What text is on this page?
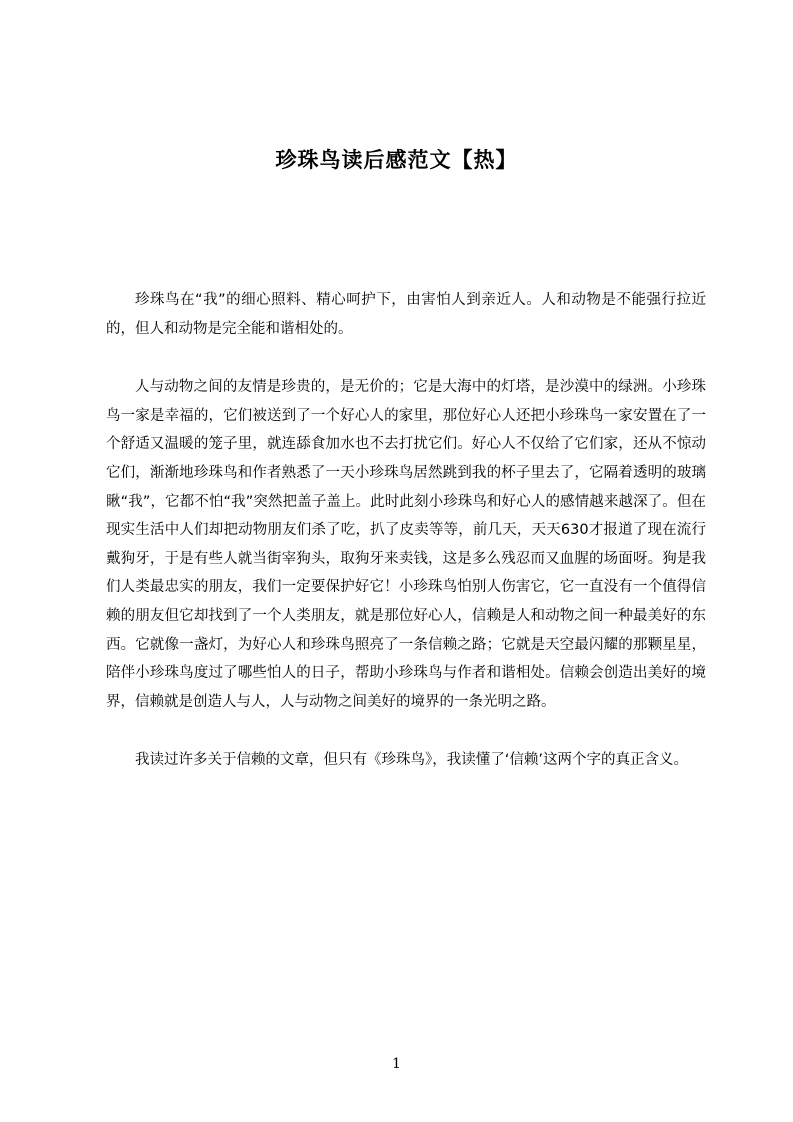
珍珠鸟读后感范文【热】

珍珠鸟在“我”的细心照料、精心呵护下，由害怕人到亲近人。人和动物是不能强行拉近的，但人和动物是完全能和谐相处的。

人与动物之间的友情是珍贵的，是无价的；它是大海中的灯塔，是沙漠中的绿洲。小珍珠鸟一家是幸福的，它们被送到了一个好心人的家里，那位好心人还把小珍珠鸟一家安置在了一个舒适又温暖的笼子里，就连舔食加水也不去打扰它们。好心人不仅给了它们家，还从不惊动它们，渐渐地珍珠鸟和作者熟悉了一天小珍珠鸟居然跳到我的杯子里去了，它隔着透明的玻璃瞅“我”，它都不怕“我”突然把盖子盖上。此时此刻小珍珠鸟和好心人的感情越来越深了。但在现实生活中人们却把动物朋友们杀了吃，扒了皮卖等等，前几天，天天630才报道了现在流行戴狗牙，于是有些人就当街宰狗头，取狗牙来卖钱，这是多么残忍而又血腥的场面呀。狗是我们人类最忠实的朋友，我们一定要保护好它！小珍珠鸟怕别人伤害它，它一直没有一个值得信赖的朋友但它却找到了一个人类朋友，就是那位好心人，信赖是人和动物之间一种最美好的东西。它就像一盏灯，为好心人和珍珠鸟照亮了一条信赖之路；它就是天空最闪耀的那颗星星，陪伴小珍珠鸟度过了哪些怕人的日子，帮助小珍珠鸟与作者和谐相处。信赖会创造出美好的境界，信赖就是创造人与人，人与动物之间美好的境界的一条光明之路。

我读过许多关于信赖的文章，但只有《珍珠鸟》，我读懂了‘信赖’这两个字的真正含义。

1
